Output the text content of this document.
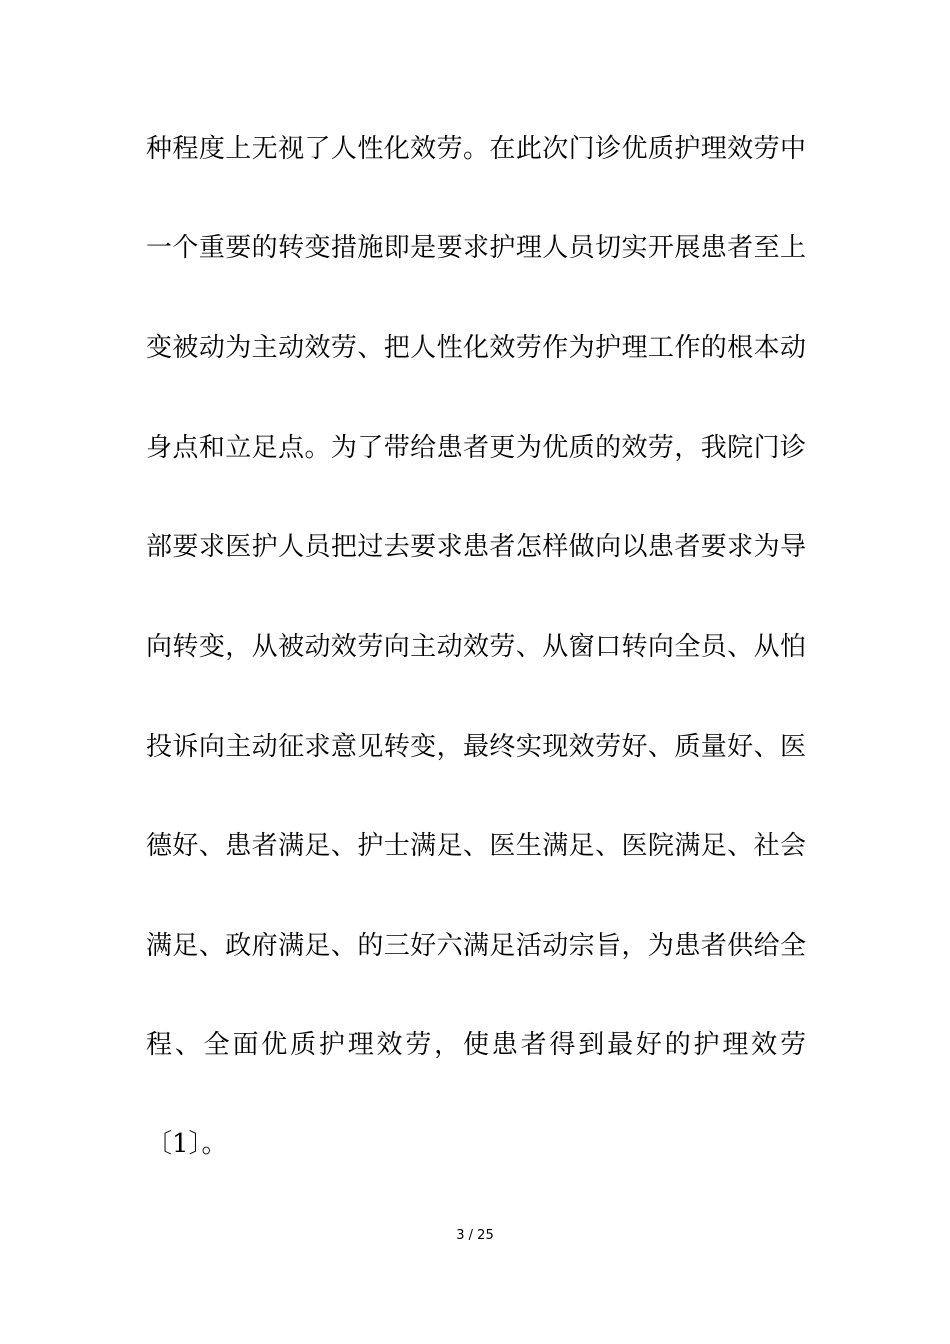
种程度上无视了人性化效劳。在此次门诊优质护理效劳中
一个重要的转变措施即是要求护理人员切实开展患者至上
变被动为主动效劳、把人性化效劳作为护理工作的根本动
身点和立足点。为了带给患者更为优质的效劳，我院门诊
部要求医护人员把过去要求患者怎样做向以患者要求为导
向转变，从被动效劳向主动效劳、从窗口转向全员、从怕
投诉向主动征求意见转变，最终实现效劳好、质量好、医
德好、患者满足、护士满足、医生满足、医院满足、社会
满足、政府满足、的三好六满足活动宗旨，为患者供给全
程、全面优质护理效劳，使患者得到最好的护理效劳
〔1〕。
3 / 25
